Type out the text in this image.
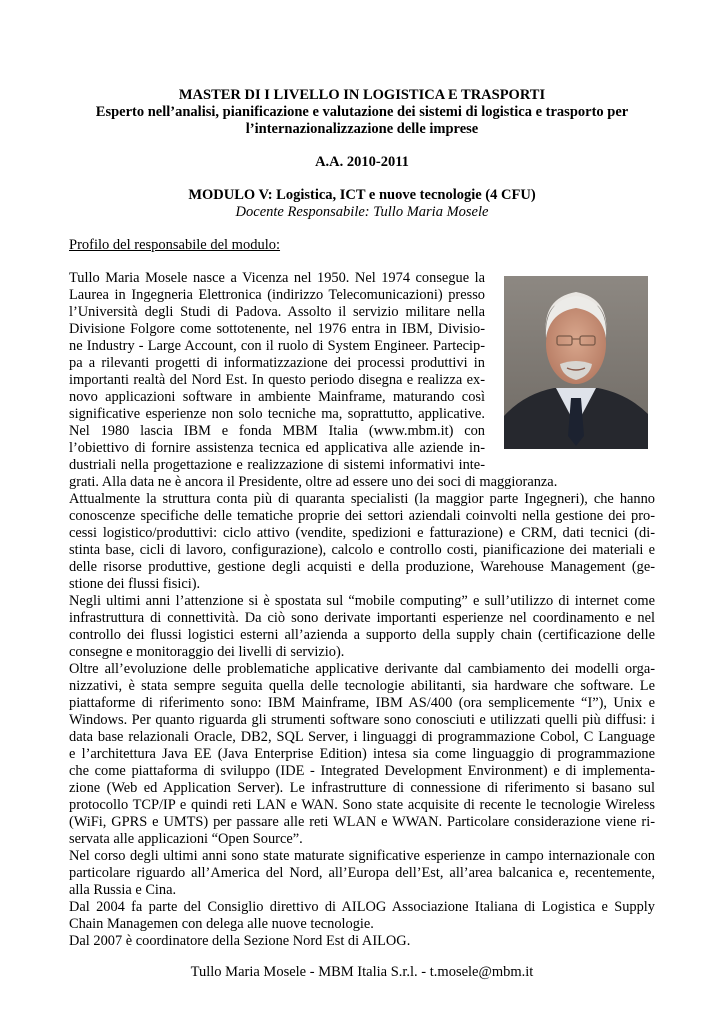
MASTER DI I LIVELLO IN LOGISTICA E TRASPORTI
Esperto nell’analisi, pianificazione e valutazione dei sistemi di logistica e trasporto per
l’internazionalizzazione delle imprese
A.A. 2010-2011
MODULO V: Logistica, ICT e nuove tecnologie (4 CFU)
Docente Responsabile: Tullo Maria Mosele
Profilo del responsabile del modulo:
Tullo Maria Mosele nasce a Vicenza nel 1950. Nel 1974 consegue la
Laurea in Ingegneria Elettronica (indirizzo Telecomunicazioni) presso
l’Università degli Studi di Padova. Assolto il servizio militare nella
Divisione Folgore come sottotenente, nel 1976 entra in IBM, Divisio-
ne Industry - Large Account, con il ruolo di System Engineer. Partecip-
pa a rilevanti progetti di informatizzazione dei processi produttivi in
importanti realtà del Nord Est. In questo periodo disegna e realizza ex-
novo applicazioni software in ambiente Mainframe, maturando così
significative esperienze non solo tecniche ma, soprattutto, applicative.
Nel 1980 lascia IBM e fonda MBM Italia (www.mbm.it) con
l’obiettivo di fornire assistenza tecnica ed applicativa alle aziende in-
dustriali nella progettazione e realizzazione di sistemi informativi inte-
grati. Alla data ne è ancora il Presidente, oltre ad essere uno dei soci di maggioranza.
Attualmente la struttura conta più di quaranta specialisti (la maggior parte Ingegneri), che hanno
conoscenze specifiche delle tematiche proprie dei settori aziendali coinvolti nella gestione dei pro-
cessi logistico/produttivi: ciclo attivo (vendite, spedizioni e fatturazione) e CRM, dati tecnici (di-
stinta base, cicli di lavoro, configurazione), calcolo e controllo costi, pianificazione dei materiali e
delle risorse produttive, gestione degli acquisti e della produzione, Warehouse Management (ge-
stione dei flussi fisici).
Negli ultimi anni l’attenzione si è spostata sul “mobile computing” e sull’utilizzo di internet come
infrastruttura di connettività. Da ciò sono derivate importanti esperienze nel coordinamento e nel
controllo dei flussi logistici esterni all’azienda a supporto della supply chain (certificazione delle
consegne e monitoraggio dei livelli di servizio).
Oltre all’evoluzione delle problematiche applicative derivante dal cambiamento dei modelli orga-
nizzativi, è stata sempre seguita quella delle tecnologie abilitanti, sia hardware che software. Le
piattaforme di riferimento sono: IBM Mainframe, IBM AS/400 (ora semplicemente “I”), Unix e
Windows. Per quanto riguarda gli strumenti software sono conosciuti e utilizzati quelli più diffusi: i
data base relazionali Oracle, DB2, SQL Server, i linguaggi di programmazione Cobol, C Language
e l’architettura Java EE (Java Enterprise Edition) intesa sia come linguaggio di programmazione
che come piattaforma di sviluppo (IDE - Integrated Development Environment) e di implementa-
zione (Web ed Application Server). Le infrastrutture di connessione di riferimento si basano sul
protocollo TCP/IP e quindi reti LAN e WAN. Sono state acquisite di recente le tecnologie Wireless
(WiFi, GPRS e UMTS) per passare alle reti WLAN e WWAN. Particolare considerazione viene ri-
servata alle applicazioni “Open Source”.
Nel corso degli ultimi anni sono state maturate significative esperienze in campo internazionale con
particolare riguardo all’America del Nord, all’Europa dell’Est, all’area balcanica e, recentemente,
alla Russia e Cina.
Dal 2004 fa parte del Consiglio direttivo di AILOG Associazione Italiana di Logistica e Supply
Chain Managemen con delega alle nuove tecnologie.
Dal 2007 è coordinatore della Sezione Nord Est di AILOG.
Tullo Maria Mosele - MBM Italia S.r.l. - t.mosele@mbm.it
